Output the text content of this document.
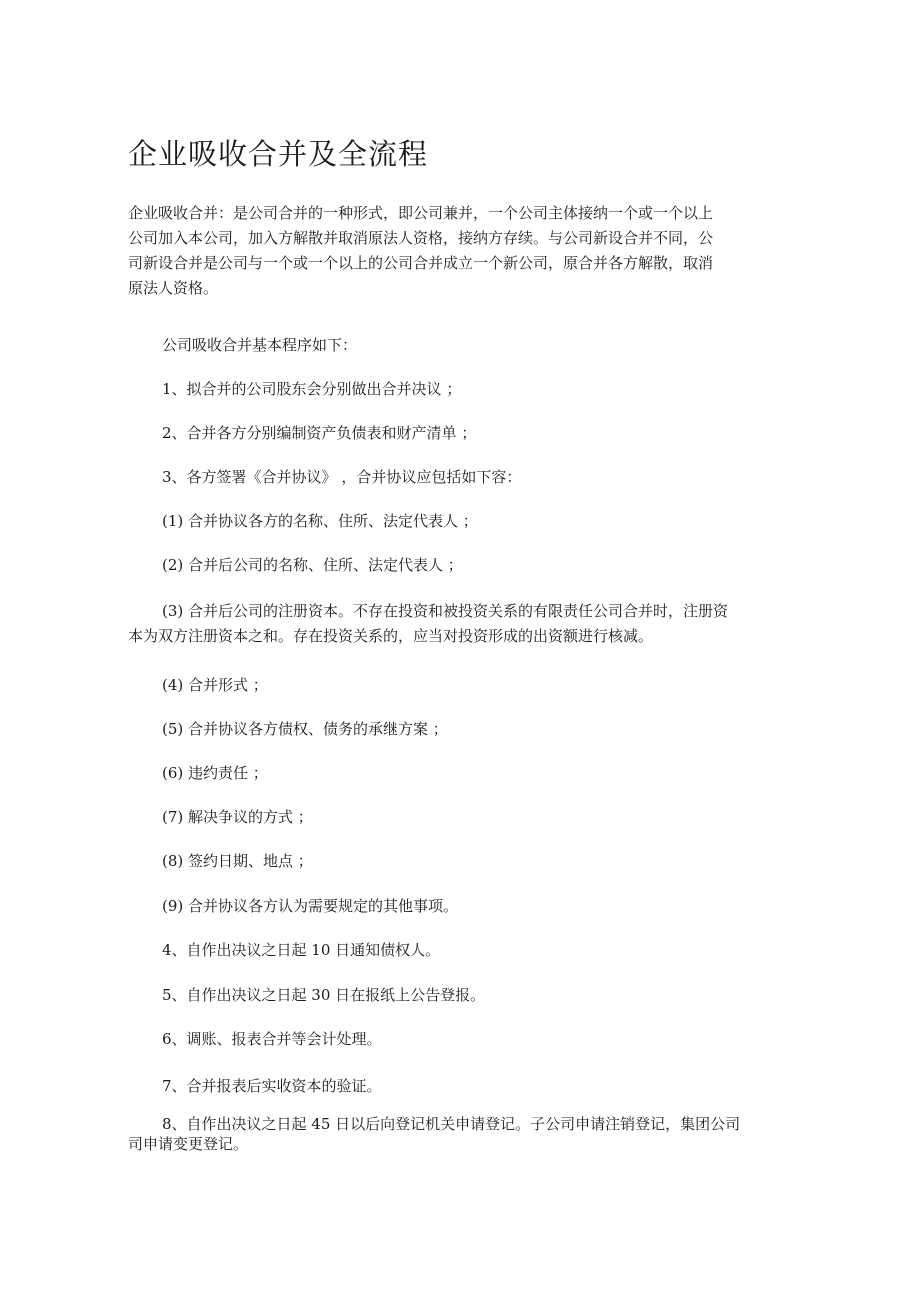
企业吸收合并及全流程
企业吸收合并：是公司合并的一种形式，即公司兼并，一个公司主体接纳一个或一个以上
公司加入本公司，加入方解散并取消原法人资格，接纳方存续。与公司新设合并不同，公
司新设合并是公司与一个或一个以上的公司合并成立一个新公司，原合并各方解散，取消
原法人资格。
公司吸收合并基本程序如下：
1、拟合并的公司股东会分别做出合并决议 ；
2、合并各方分别编制资产负债表和财产清单 ；
3、各方签署《合并协议》 ，合并协议应包括如下容：
(1) 合并协议各方的名称、住所、法定代表人 ；
(2) 合并后公司的名称、住所、法定代表人 ；
(3) 合并后公司的注册资本。不存在投资和被投资关系的有限责任公司合并时，注册资
本为双方注册资本之和。存在投资关系的，应当对投资形成的出资额进行核减。
(4) 合并形式 ；
(5) 合并协议各方债权、债务的承继方案 ；
(6) 违约责任 ；
(7) 解决争议的方式 ；
(8) 签约日期、地点 ；
(9) 合并协议各方认为需要规定的其他事项。
4、自作出决议之日起 10 日通知债权人。
5、自作出决议之日起 30 日在报纸上公告登报。
6、调账、报表合并等会计处理。
7、合并报表后实收资本的验证。
8、自作出决议之日起 45 日以后向登记机关申请登记。子公司申请注销登记，集团公司
司申请变更登记。
